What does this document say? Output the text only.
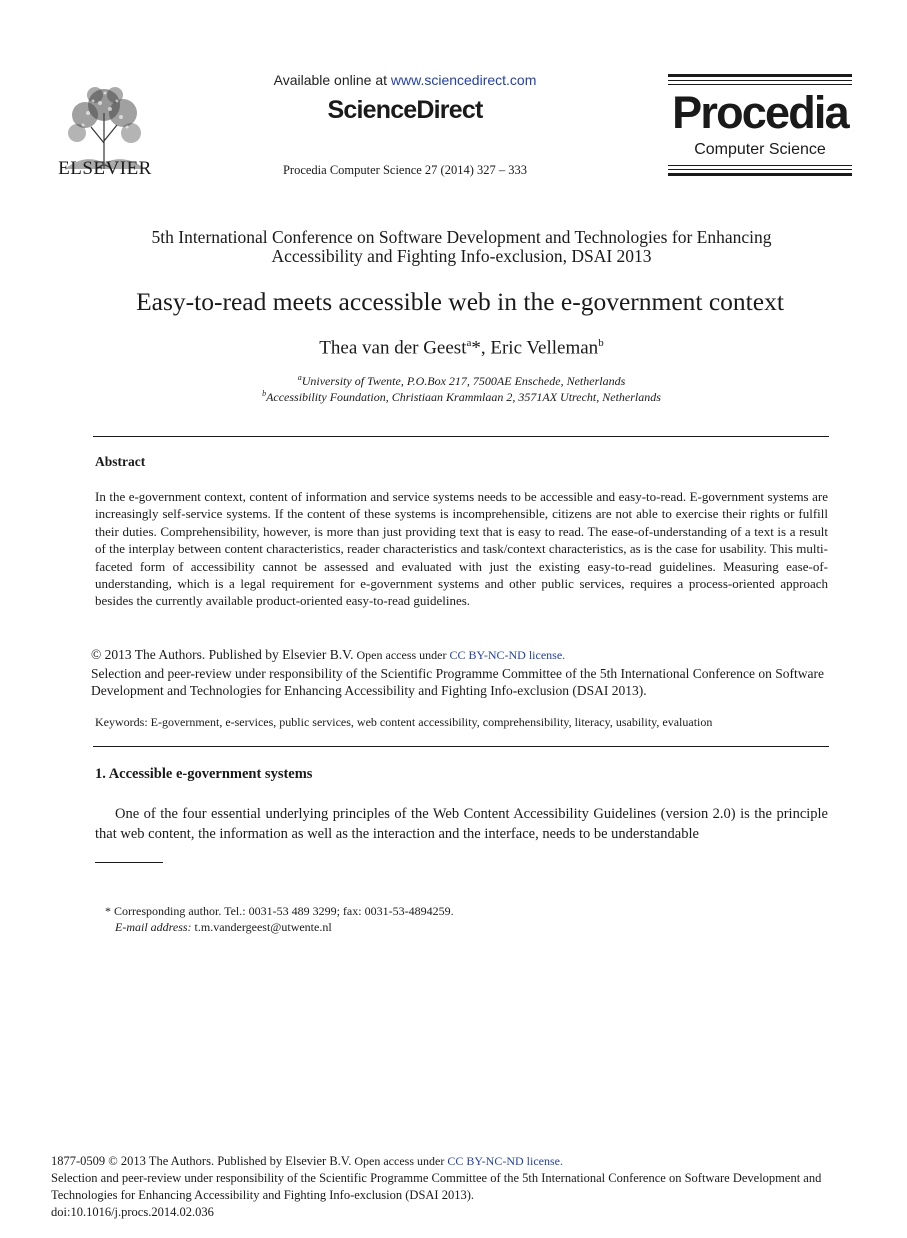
ELSEVIER
Available online at www.sciencedirect.com
ScienceDirect
Procedia Computer Science 27 (2014) 327 – 333
Procedia
Computer Science
5th International Conference on Software Development and Technologies for Enhancing
Accessibility and Fighting Info-exclusion, DSAI 2013
Easy-to-read meets accessible web in the e-government context
Thea van der Geest$^a$*, Eric Velleman$^b$
$^a$University of Twente, P.O.Box 217, 7500AE Enschede, Netherlands
$^b$Accessibility Foundation, Christiaan Krammlaan 2, 3571AX Utrecht, Netherlands
Abstract
In the e-government context, content of information and service systems needs to be accessible and easy-to-read. E-government systems are increasingly self-service systems. If the content of these systems is incomprehensible, citizens are not able to exercise their rights or fulfill their duties. Comprehensibility, however, is more than just providing text that is easy to read. The ease-of-understanding of a text is a result of the interplay between content characteristics, reader characteristics and task/context characteristics, as is the case for usability. This multi-faceted form of accessibility cannot be assessed and evaluated with just the existing easy-to-read guidelines. Measuring ease-of-understanding, which is a legal requirement for e-government systems and other public services, requires a process-oriented approach besides the currently available product-oriented easy-to-read guidelines.
© 2013 The Authors. Published by Elsevier B.V. Open access under CC BY-NC-ND license.
Selection and peer-review under responsibility of the Scientific Programme Committee of the 5th International Conference on Software Development and Technologies for Enhancing Accessibility and Fighting Info-exclusion (DSAI 2013).
Keywords: E-government, e-services, public services, web content accessibility, comprehensibility, literacy, usability, evaluation
1. Accessible e-government systems
One of the four essential underlying principles of the Web Content Accessibility Guidelines (version 2.0) is the principle that web content, the information as well as the interaction and the interface, needs to be understandable
* Corresponding author. Tel.: 0031-53 489 3299; fax: 0031-53-4894259.
E-mail address: t.m.vandergeest@utwente.nl
1877-0509 © 2013 The Authors. Published by Elsevier B.V. Open access under CC BY-NC-ND license.
Selection and peer-review under responsibility of the Scientific Programme Committee of the 5th International Conference on Software Development and Technologies for Enhancing Accessibility and Fighting Info-exclusion (DSAI 2013).
doi:10.1016/j.procs.2014.02.036
